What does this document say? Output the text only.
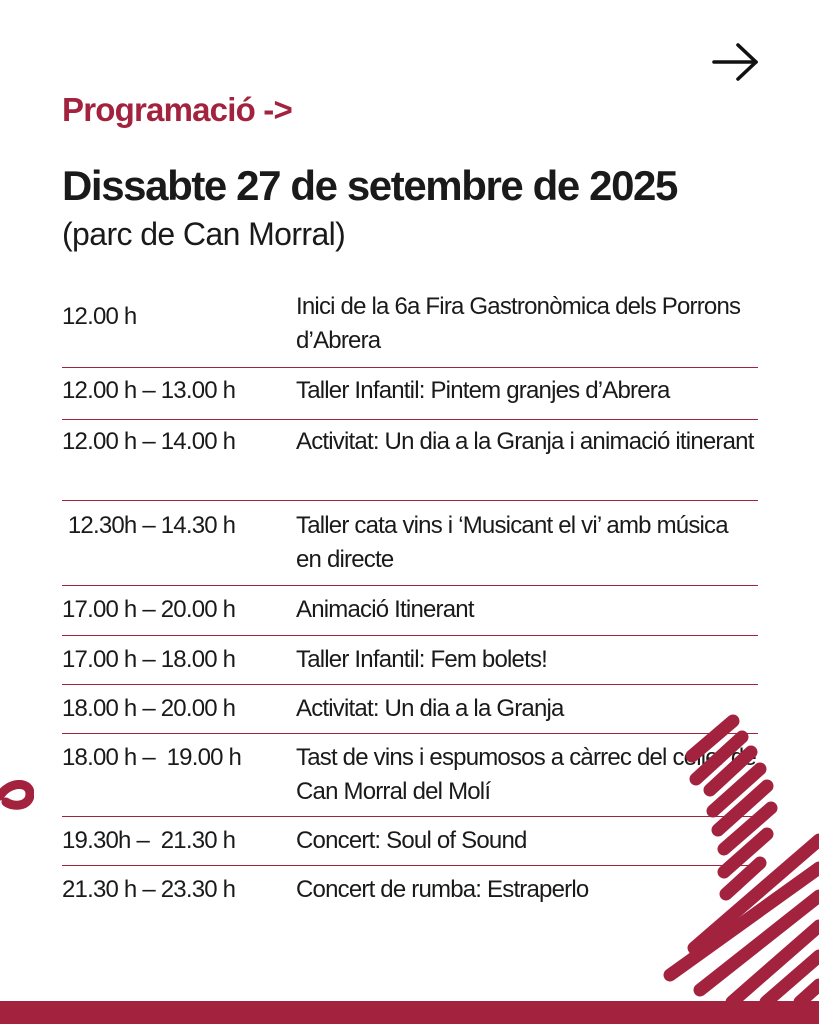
Programació ->
Dissabte 27 de setembre de 2025

(parc de Can Morral)

12.00 h	Inici de la 6a Fira Gastronòmica dels Porrons d’Abrera
12.00 h – 13.00 h	Taller Infantil: Pintem granjes d’Abrera
12.00 h – 14.00 h	Activitat: Un dia a la Granja i animació itinerant
12.30h – 14.30 h	Taller cata vins i ‘Musicant el vi’ amb música en directe
17.00 h – 20.00 h	Animació Itinerant
17.00 h – 18.00 h	Taller Infantil: Fem bolets!
18.00 h – 20.00 h	Activitat: Un dia a la Granja
18.00 h –  19.00 h	Tast de vins i espumosos a càrrec del celler de Can Morral del Molí
19.30h –  21.30 h	Concert: Soul of Sound
21.30 h – 23.30 h	Concert de rumba: Estraperlo
